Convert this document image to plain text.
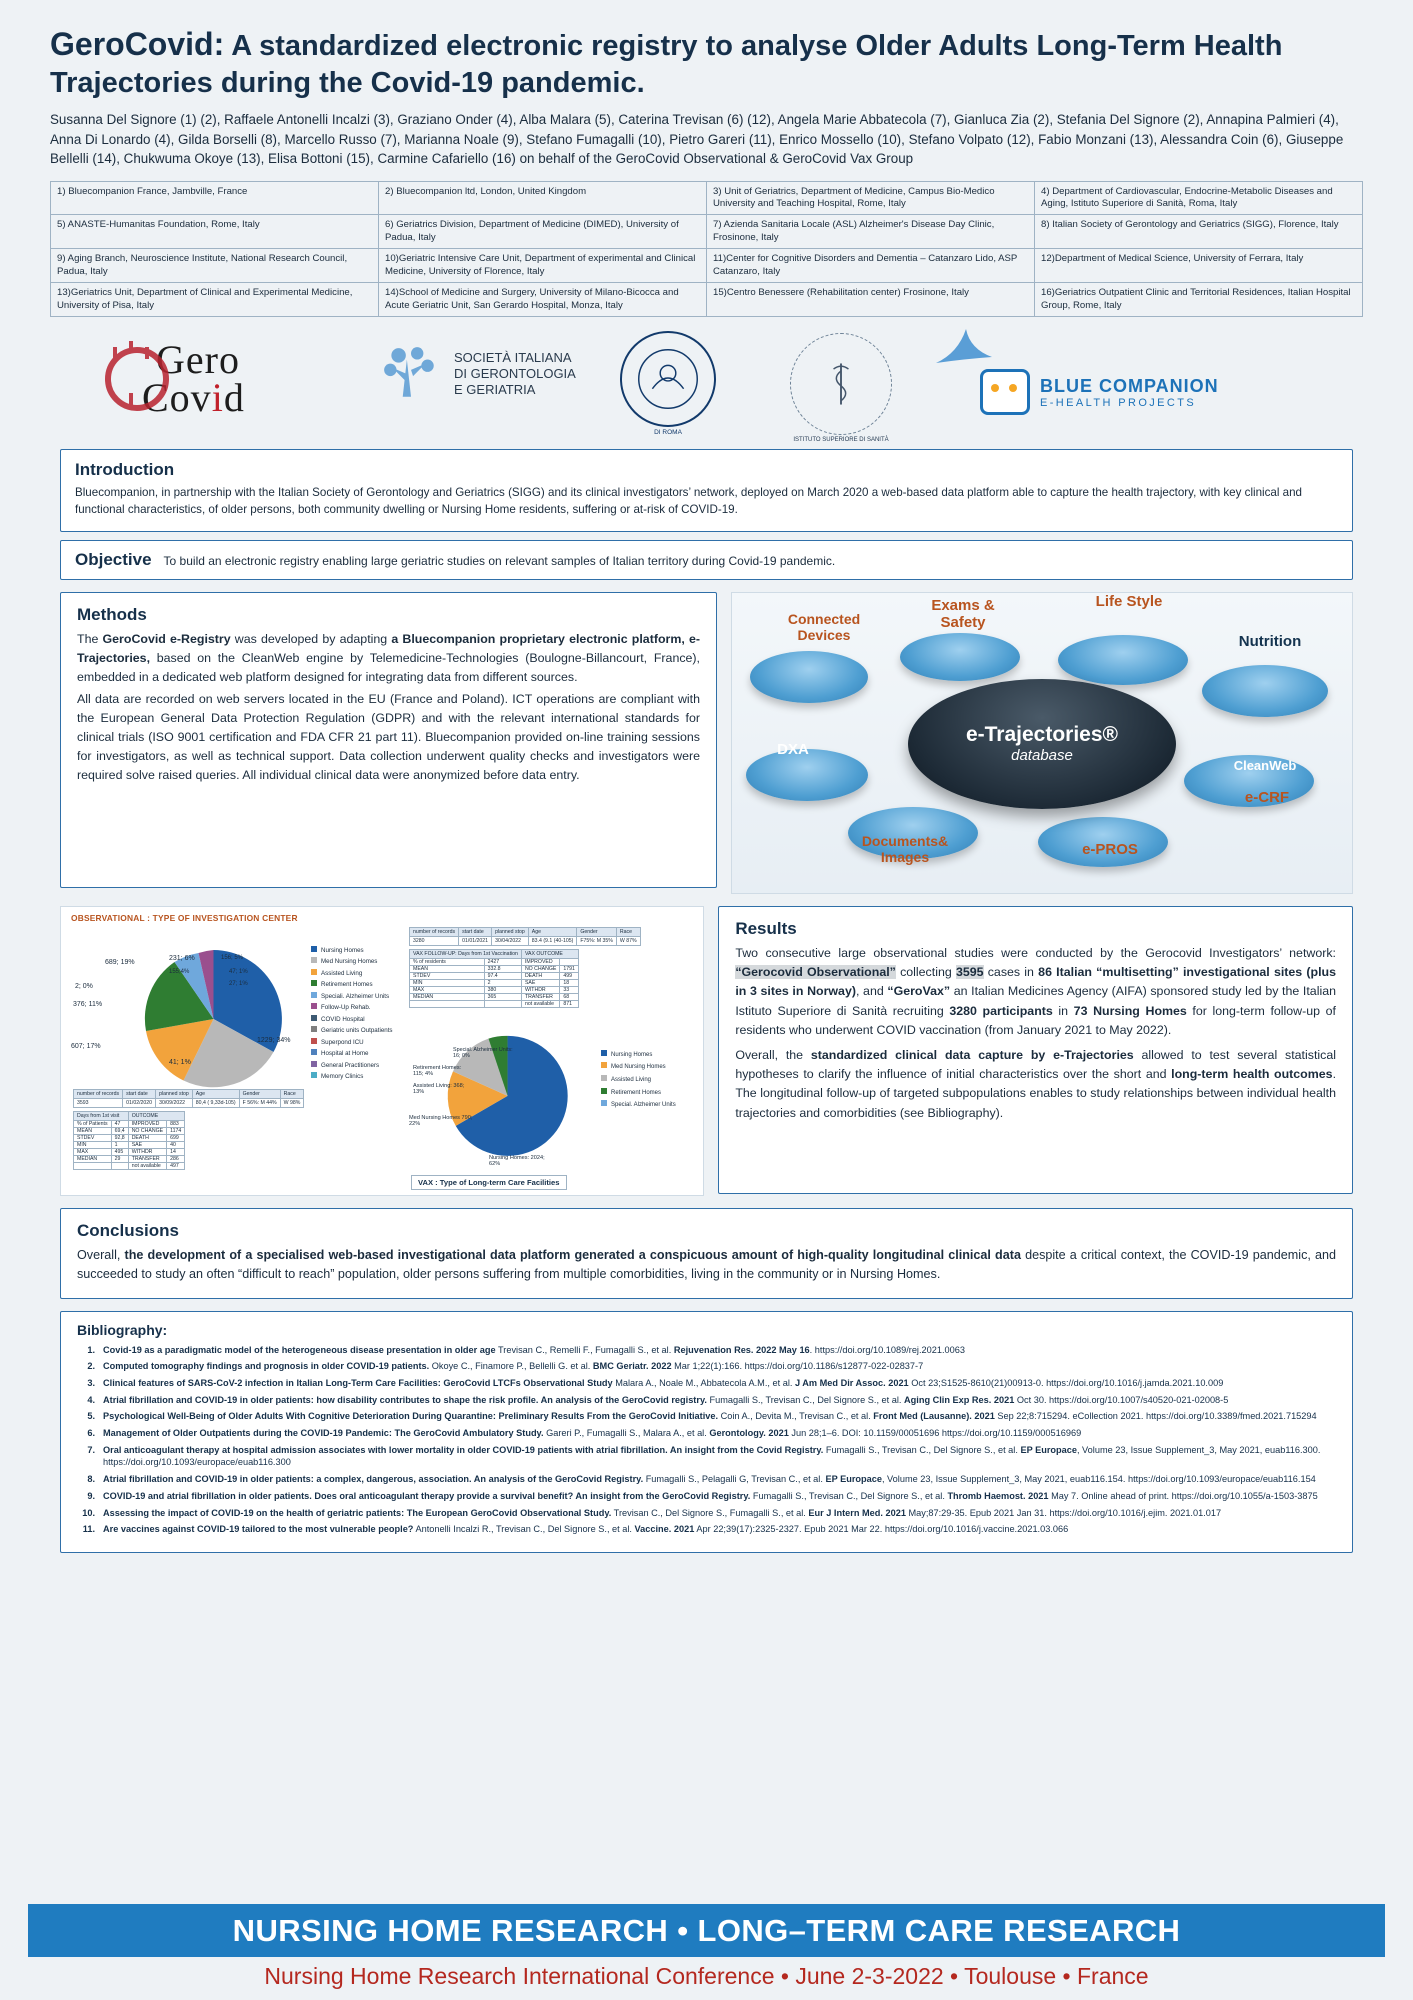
GeroCovid: A standardized electronic registry to analyse Older Adults Long-Term Health Trajectories during the Covid-19 pandemic.
Susanna Del Signore (1) (2), Raffaele Antonelli Incalzi (3), Graziano Onder (4), Alba Malara (5), Caterina Trevisan (6) (12), Angela Marie Abbatecola (7), Gianluca Zia (2), Stefania Del Signore (2), Annapina Palmieri (4), Anna Di Lonardo (4), Gilda Borselli (8), Marcello Russo (7), Marianna Noale (9), Stefano Fumagalli (10), Pietro Gareri (11), Enrico Mossello (10), Stefano Volpato (12), Fabio Monzani (13), Alessandra Coin (6), Giuseppe Bellelli (14), Chukwuma Okoye (13), Elisa Bottoni (15), Carmine Cafariello (16) on behalf of the GeroCovid Observational & GeroCovid Vax Group
1) Bluecompanion France, Jambville, France	2) Bluecompanion ltd, London, United Kingdom	3) Unit of Geriatrics, Department of Medicine, Campus Bio-Medico University and Teaching Hospital, Rome, Italy	4) Department of Cardiovascular, Endocrine-Metabolic Diseases and Aging, Istituto Superiore di Sanità, Roma, Italy
5) ANASTE-Humanitas Foundation, Rome, Italy	6) Geriatrics Division, Department of Medicine (DIMED), University of Padua, Italy	7) Azienda Sanitaria Locale (ASL) Alzheimer's Disease Day Clinic, Frosinone, Italy	8) Italian Society of Gerontology and Geriatrics (SIGG), Florence, Italy
9) Aging Branch, Neuroscience Institute, National Research Council, Padua, Italy	10)Geriatric Intensive Care Unit, Department of experimental and Clinical Medicine, University of Florence, Italy	11)Center for Cognitive Disorders and Dementia – Catanzaro Lido, ASP Catanzaro, Italy	12)Department of Medical Science, University of Ferrara, Italy
13)Geriatrics Unit, Department of Clinical and Experimental Medicine, University of Pisa, Italy	14)School of Medicine and Surgery, University of Milano-Bicocca and Acute Geriatric Unit, San Gerardo Hospital, Monza, Italy	15)Centro Benessere (Rehabilitation center) Frosinone, Italy	16)Geriatrics Outpatient Clinic and Territorial Residences, Italian Hospital Group, Rome, Italy
Gero
Covid
SOCIETÀ ITALIANA
DI GERONTOLOGIA
E GERIATRIA
DI ROMA
ISTITUTO SUPERIORE DI SANITÀ
BLUE COMPANION
E-HEALTH PROJECTS
Introduction
Bluecompanion, in partnership with the Italian Society of Gerontology and Geriatrics (SIGG) and its clinical investigators’ network, deployed on March 2020 a web-based data platform able to capture the health trajectory, with key clinical and functional characteristics, of older persons, both community dwelling or Nursing Home residents, suffering or at-risk of COVID-19.
Objective To build an electronic registry enabling large geriatric studies on relevant samples of Italian territory during Covid-19 pandemic.
Methods
The GeroCovid e-Registry was developed by adapting a Bluecompanion proprietary electronic platform, e-Trajectories, based on the CleanWeb engine by Telemedicine-Technologies (Boulogne-Billancourt, France), embedded in a dedicated web platform designed for integrating data from different sources.
All data are recorded on web servers located in the EU (France and Poland). ICT operations are compliant with the European General Data Protection Regulation (GDPR) and with the relevant international standards for clinical trials (ISO 9001 certification and FDA CFR 21 part 11). Bluecompanion provided on-line training sessions for investigators, as well as technical support. Data collection underwent quality checks and investigators were required solve raised queries. All individual clinical data were anonymized before data entry.
e-Trajectories®
database
Connected Devices
Exams & Safety
Life Style
Nutrition
DXA
Documents& Images	e-PROS
e-CRF
CleanWeb
OBSERVATIONAL : TYPE OF INVESTIGATION CENTER
689; 19%
231; 6%	156; 5%
155;4%	47; 1%
27; 1%
2; 0%
376; 11%
607; 17%
41; 1%
1229; 34%
Nursing Homes
Med Nursing Homes
Assisted Living
Retirement Homes
Speciali. Alzheimer Units
Follow-Up Rehab.
COVID Hospital
Geriatric units Outpatients
Superpond ICU
Hospital at Home
General Practitioners
Memory Clinics
number of records	start date	planned stop	Age	Gender	Race
3593	01/02/2020	30/09/2022	80,4 ( 9,33d-105)	F 56%: M 44%	W 98%
Days from 1st visit		OUTCOME	
% of Patients	47	IMPROVED	883
MEAN	69,4	NO CHANGE	1174
STDEV	92,8	DEATH	699
MIN	1	SAE	40
MAX	495	WITHDR	14
MEDIAN	29	TRANSFER	286
		not available	497
number of records	start date	planned stop	Age	Gender	Race
3280	01/01/2021	30/04/2022	83.4 (9.1 (40-105)	F75%: M 35%	W 87%
VAX FOLLOW-UP: Days from 1st Vaccination		VAX OUTCOME	
% of residents	2427	IMPROVED	
MEAN	332.8	NO CHANGE	1791
STDEV	97.4	DEATH	499
MIN	2	SAE	18
MAX	380	WITHDR	33
MEDIAN	365	TRANSFER	68
		not available	871
Retirement Homes: 115; 4%
Assisted Living: 368; 13%
Med Nursing Homes 790; 22%
Special. Alzheimer Units: 16; 0%
Nursing Homes: 2024; 62%
Nursing Homes
Med Nursing Homes
Assisted Living
Retirement Homes
Special. Alzheimer Units
VAX : Type of Long-term Care Facilities
Results
Two consecutive large observational studies were conducted by the Gerocovid Investigators’ network: “Gerocovid Observational” collecting 3595 cases in 86 Italian “multisetting” investigational sites (plus in 3 sites in Norway), and “GeroVax” an Italian Medicines Agency (AIFA) sponsored study led by the Italian Istituto Superiore di Sanità recruiting 3280 participants in 73 Nursing Homes for long-term follow-up of residents who underwent COVID vaccination (from January 2021 to May 2022).
Overall, the standardized clinical data capture by e-Trajectories allowed to test several statistical hypotheses to clarify the influence of initial characteristics over the short and long-term health outcomes. The longitudinal follow-up of targeted subpopulations enables to study relationships between individual health trajectories and comorbidities (see Bibliography).
Conclusions
Overall, the development of a specialised web-based investigational data platform generated a conspicuous amount of high-quality longitudinal clinical data despite a critical context, the COVID-19 pandemic, and succeeded to study an often “difficult to reach” population, older persons suffering from multiple comorbidities, living in the community or in Nursing Homes.
Bibliography:
1. Covid-19 as a paradigmatic model of the heterogeneous disease presentation in older age Trevisan C., Remelli F., Fumagalli S., et al. Rejuvenation Res. 2022 May 16. https://doi.org/10.1089/rej.2021.0063
2. Computed tomography findings and prognosis in older COVID-19 patients. Okoye C., Finamore P., Bellelli G. et al. BMC Geriatr. 2022 Mar 1;22(1):166. https://doi.org/10.1186/s12877-022-02837-7
3. Clinical features of SARS-CoV-2 infection in Italian Long-Term Care Facilities: GeroCovid LTCFs Observational Study Malara A., Noale M., Abbatecola A.M., et al. J Am Med Dir Assoc. 2021 Oct 23;S1525-8610(21)00913-0. https://doi.org/10.1016/j.jamda.2021.10.009
4. Atrial fibrillation and COVID-19 in older patients: how disability contributes to shape the risk profile. An analysis of the GeroCovid registry. Fumagalli S., Trevisan C., Del Signore S., et al. Aging Clin Exp Res. 2021 Oct 30. https://doi.org/10.1007/s40520-021-02008-5
5. Psychological Well-Being of Older Adults With Cognitive Deterioration During Quarantine: Preliminary Results From the GeroCovid Initiative. Coin A., Devita M., Trevisan C., et al. Front Med (Lausanne). 2021 Sep 22;8:715294. eCollection 2021. https://doi.org/10.3389/fmed.2021.715294
6. Management of Older Outpatients during the COVID-19 Pandemic: The GeroCovid Ambulatory Study. Gareri P., Fumagalli S., Malara A., et al. Gerontology. 2021 Jun 28;1–6. DOI: 10.1159/00051696 https://doi.org/10.1159/000516969
7. Oral anticoagulant therapy at hospital admission associates with lower mortality in older COVID-19 patients with atrial fibrillation. An insight from the Covid Registry. Fumagalli S., Trevisan C., Del Signore S., et al. EP Europace, Volume 23, Issue Supplement_3, May 2021, euab116.300. https://doi.org/10.1093/europace/euab116.300
8. Atrial fibrillation and COVID-19 in older patients: a complex, dangerous, association. An analysis of the GeroCovid Registry. Fumagalli S., Pelagalli G, Trevisan C., et al. EP Europace, Volume 23, Issue Supplement_3, May 2021, euab116.154. https://doi.org/10.1093/europace/euab116.154
9. COVID-19 and atrial fibrillation in older patients. Does oral anticoagulant therapy provide a survival benefit? An insight from the GeroCovid Registry. Fumagalli S., Trevisan C., Del Signore S., et al. Thromb Haemost. 2021 May 7. Online ahead of print. https://doi.org/10.1055/a-1503-3875
10. Assessing the impact of COVID-19 on the health of geriatric patients: The European GeroCovid Observational Study. Trevisan C., Del Signore S., Fumagalli S., et al. Eur J Intern Med. 2021 May;87:29-35. Epub 2021 Jan 31. https://doi.org/10.1016/j.ejim. 2021.01.017
11. Are vaccines against COVID-19 tailored to the most vulnerable people? Antonelli Incalzi R., Trevisan C., Del Signore S., et al. Vaccine. 2021 Apr 22;39(17):2325-2327. Epub 2021 Mar 22. https://doi.org/10.1016/j.vaccine.2021.03.066
NURSING HOME RESEARCH • LONG–TERM CARE RESEARCH
Nursing Home Research International Conference • June 2-3-2022 • Toulouse • France
